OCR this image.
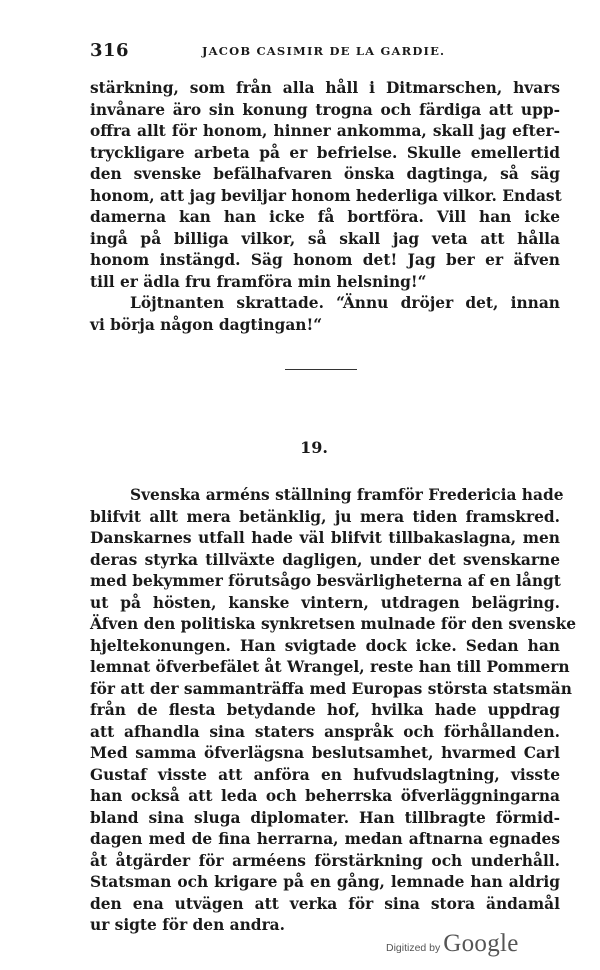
316	JACOB CASIMIR DE LA GARDIE.
stärkning, som från alla håll i Ditmarschen, hvars
invånare äro sin konung trogna och färdiga att upp-
offra allt för honom, hinner ankomma, skall jag efter-
tryckligare arbeta på er befrielse. Skulle emellertid
den svenske befälhafvaren önska dagtinga, så säg
honom, att jag beviljar honom hederliga vilkor. Endast
damerna kan han icke få bortföra. Vill han icke
ingå på billiga vilkor, så skall jag veta att hålla
honom instängd. Säg honom det! Jag ber er äfven
till er ädla fru framföra min helsning!“
Löjtnanten skrattade. “Ännu dröjer det, innan
vi börja någon dagtingan!“
19.
Svenska arméns ställning framför Fredericia hade
blifvit allt mera betänklig, ju mera tiden framskred.
Danskarnes utfall hade väl blifvit tillbakaslagna, men
deras styrka tillväxte dagligen, under det svenskarne
med bekymmer förutsågo besvärligheterna af en långt
ut på hösten, kanske vintern, utdragen belägring.
Äfven den politiska synkretsen mulnade för den svenske
hjeltekonungen. Han svigtade dock icke. Sedan han
lemnat öfverbefälet åt Wrangel, reste han till Pommern
för att der sammanträffa med Europas största statsmän
från de flesta betydande hof, hvilka hade uppdrag
att afhandla sina staters anspråk och förhållanden.
Med samma öfverlägsna beslutsamhet, hvarmed Carl
Gustaf visste att anföra en hufvudslagtning, visste
han också att leda och beherrska öfverläggningarna
bland sina sluga diplomater. Han tillbragte förmid-
dagen med de fina herrarna, medan aftnarna egnades
åt åtgärder för arméens förstärkning och underhåll.
Statsman och krigare på en gång, lemnade han aldrig
den ena utvägen att verka för sina stora ändamål
ur sigte för den andra.
Digitized by Google
